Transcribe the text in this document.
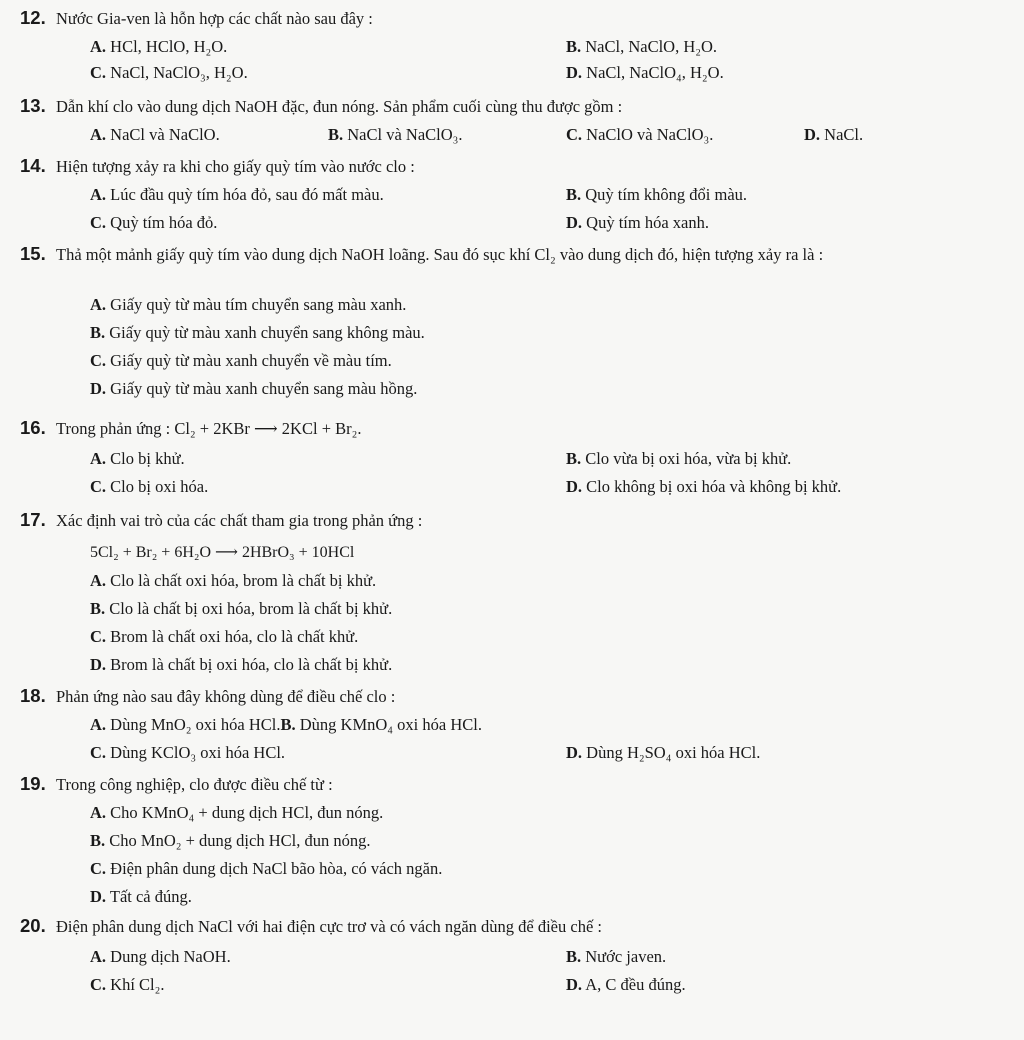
12. Nước Gia-ven là hỗn hợp các chất nào sau đây :
A. HCl, HClO, H₂O.	B. NaCl, NaClO, H₂O.
C. NaCl, NaClO₃, H₂O.	D. NaCl, NaClO₄, H₂O.
13. Dẫn khí clo vào dung dịch NaOH đặc, đun nóng. Sản phẩm cuối cùng thu được gồm :
A. NaCl và NaClO.	B. NaCl và NaClO₃.	C. NaClO và NaClO₃.	D. NaCl.
14. Hiện tượng xảy ra khi cho giấy quỳ tím vào nước clo :
A. Lúc đầu quỳ tím hóa đỏ, sau đó mất màu.	B. Quỳ tím không đổi màu.
C. Quỳ tím hóa đỏ.	D. Quỳ tím hóa xanh.
15. Thả một mảnh giấy quỳ tím vào dung dịch NaOH loãng. Sau đó sục khí Cl₂ vào dung dịch đó, hiện tượng xảy ra là :
A. Giấy quỳ từ màu tím chuyển sang màu xanh.
B. Giấy quỳ từ màu xanh chuyển sang không màu.
C. Giấy quỳ từ màu xanh chuyển về màu tím.
D. Giấy quỳ từ màu xanh chuyển sang màu hồng.
16. Trong phản ứng : Cl₂ + 2KBr ⟶ 2KCl + Br₂.
A. Clo bị khử.	B. Clo vừa bị oxi hóa, vừa bị khử.
C. Clo bị oxi hóa.	D. Clo không bị oxi hóa và không bị khử.
17. Xác định vai trò của các chất tham gia trong phản ứng :
5Cl₂ + Br₂ + 6H₂O ⟶ 2HBrO₃ + 10HCl
A. Clo là chất oxi hóa, brom là chất bị khử.
B. Clo là chất bị oxi hóa, brom là chất bị khử.
C. Brom là chất oxi hóa, clo là chất khử.
D. Brom là chất bị oxi hóa, clo là chất bị khử.
18. Phản ứng nào sau đây không dùng để điều chế clo :
A. Dùng MnO₂ oxi hóa HCl.B. Dùng KMnO₄ oxi hóa HCl.
C. Dùng KClO₃ oxi hóa HCl.	D. Dùng H₂SO₄ oxi hóa HCl.
19. Trong công nghiệp, clo được điều chế từ :
A. Cho KMnO₄ + dung dịch HCl, đun nóng.
B. Cho MnO₂ + dung dịch HCl, đun nóng.
C. Điện phân dung dịch NaCl bão hòa, có vách ngăn.
D. Tất cả đúng.
20. Điện phân dung dịch NaCl với hai điện cực trơ và có vách ngăn dùng để điều chế :
A. Dung dịch NaOH.	B. Nước javen.
C. Khí Cl₂.	D. A, C đều đúng.
